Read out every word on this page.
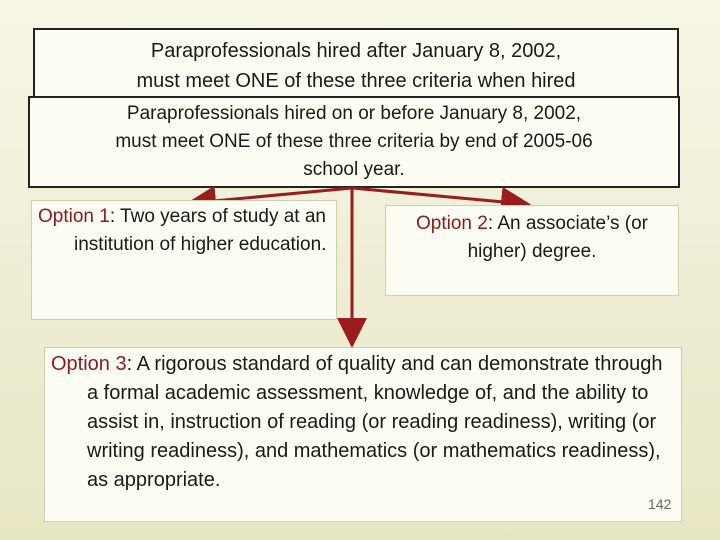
Paraprofessionals hired after January 8, 2002,
must meet ONE of these three criteria when hired
Paraprofessionals hired on or before January 8, 2002,
must meet ONE of these three criteria by end of 2005-06
school year.
Option 1: Two years of study at an institution of higher education.
Option 2: An associate’s (or higher) degree.
Option 3: A rigorous standard of quality and can demonstrate through a formal academic assessment, knowledge of, and the ability to assist in, instruction of reading (or reading readiness), writing (or writing readiness), and mathematics (or mathematics readiness), as appropriate.
142
